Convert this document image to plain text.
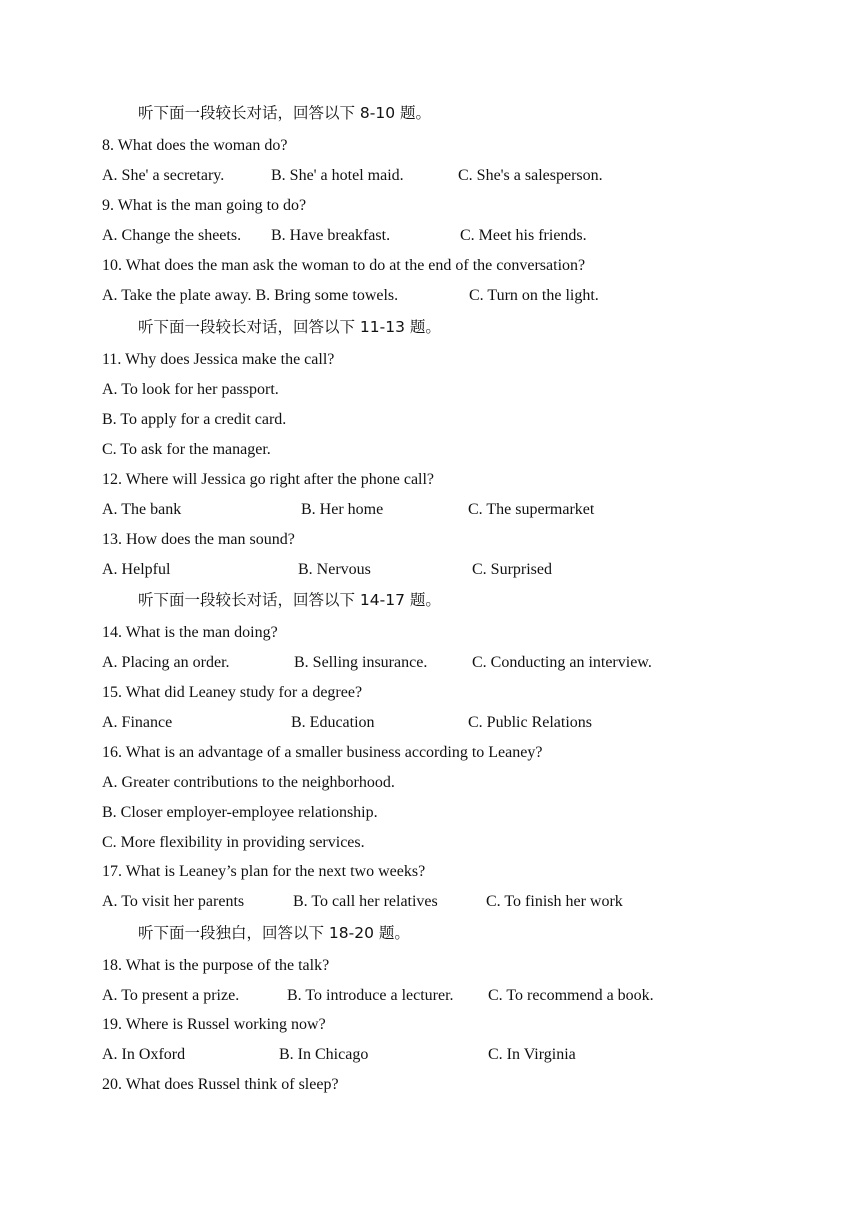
听下面一段较长对话，回答以下 8-10 题。
8. What does the woman do?
A. She' a secretary.	B. She' a hotel maid.	C. She's a salesperson.
9. What is the man going to do?
A. Change the sheets. B. Have breakfast.	C. Meet his friends.
10. What does the man ask the woman to do at the end of the conversation?
A. Take the plate away. B. Bring some towels.	C. Turn on the light.
听下面一段较长对话，回答以下 11-13 题。
11. Why does Jessica make the call?
A. To look for her passport.
B. To apply for a credit card.
C. To ask for the manager.
12. Where will Jessica go right after the phone call?
A. The bank	B. Her home	C. The supermarket
13. How does the man sound?
A. Helpful	B. Nervous	C. Surprised
听下面一段较长对话，回答以下 14-17 题。
14. What is the man doing?
A. Placing an order.	B. Selling insurance.	C. Conducting an interview.
15. What did Leaney study for a degree?
A. Finance	B. Education	C. Public Relations
16. What is an advantage of a smaller business according to Leaney?
A. Greater contributions to the neighborhood.
B. Closer employer-employee relationship.
C. More flexibility in providing services.
17. What is Leaney’s plan for the next two weeks?
A. To visit her parents	B. To call her relatives	C. To finish her work
听下面一段独白，回答以下 18-20 题。
18. What is the purpose of the talk?
A. To present a prize.	B. To introduce a lecturer. C. To recommend a book.
19. Where is Russel working now?
A. In Oxford	B. In Chicago	C. In Virginia
20. What does Russel think of sleep?
